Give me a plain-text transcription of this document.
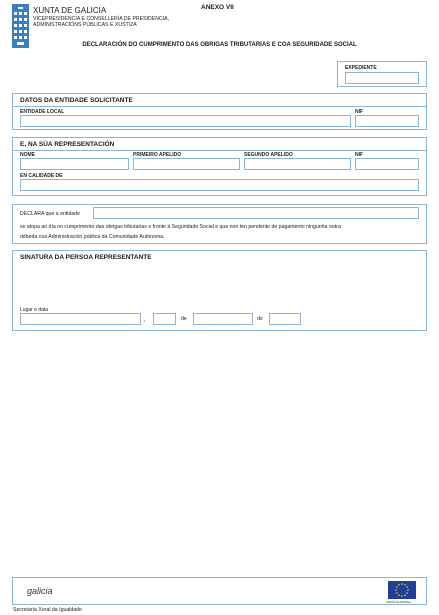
XUNTA DE GALICIA
VICEPRESIDENCIA E CONSELLERÍA DE PRESIDENCIA,
ADMINISTRACIÓNS PÚBLICAS E XUSTIZA
ANEXO VII
DECLARACIÓN DO CUMPRIMENTO DAS OBRIGAS TRIBUTARIAS E COA SEGURIDADE SOCIAL
EXPEDIENTE
DATOS DA ENTIDADE SOLICITANTE
ENTIDADE LOCAL	NIF
E, NA SÚA REPRESENTACIÓN
NOME	PRIMEIRO APELIDO	SEGUNDO APELIDO	NIF
EN CALIDADE DE
DECLARA que a entidade
se atopa ao día no cumprimento das obrigas tributarias e fronte á Seguridade Social e que non ten pendente de pagamento ningunha outra
débeda coa Administración pública da Comunidade Autónoma.
SINATURA DA PERSOA REPRESENTANTE
Lugar e data
,	de	de
galicia
UNIÓN EUROPEA
Secretaría Xeral da Igualdade
